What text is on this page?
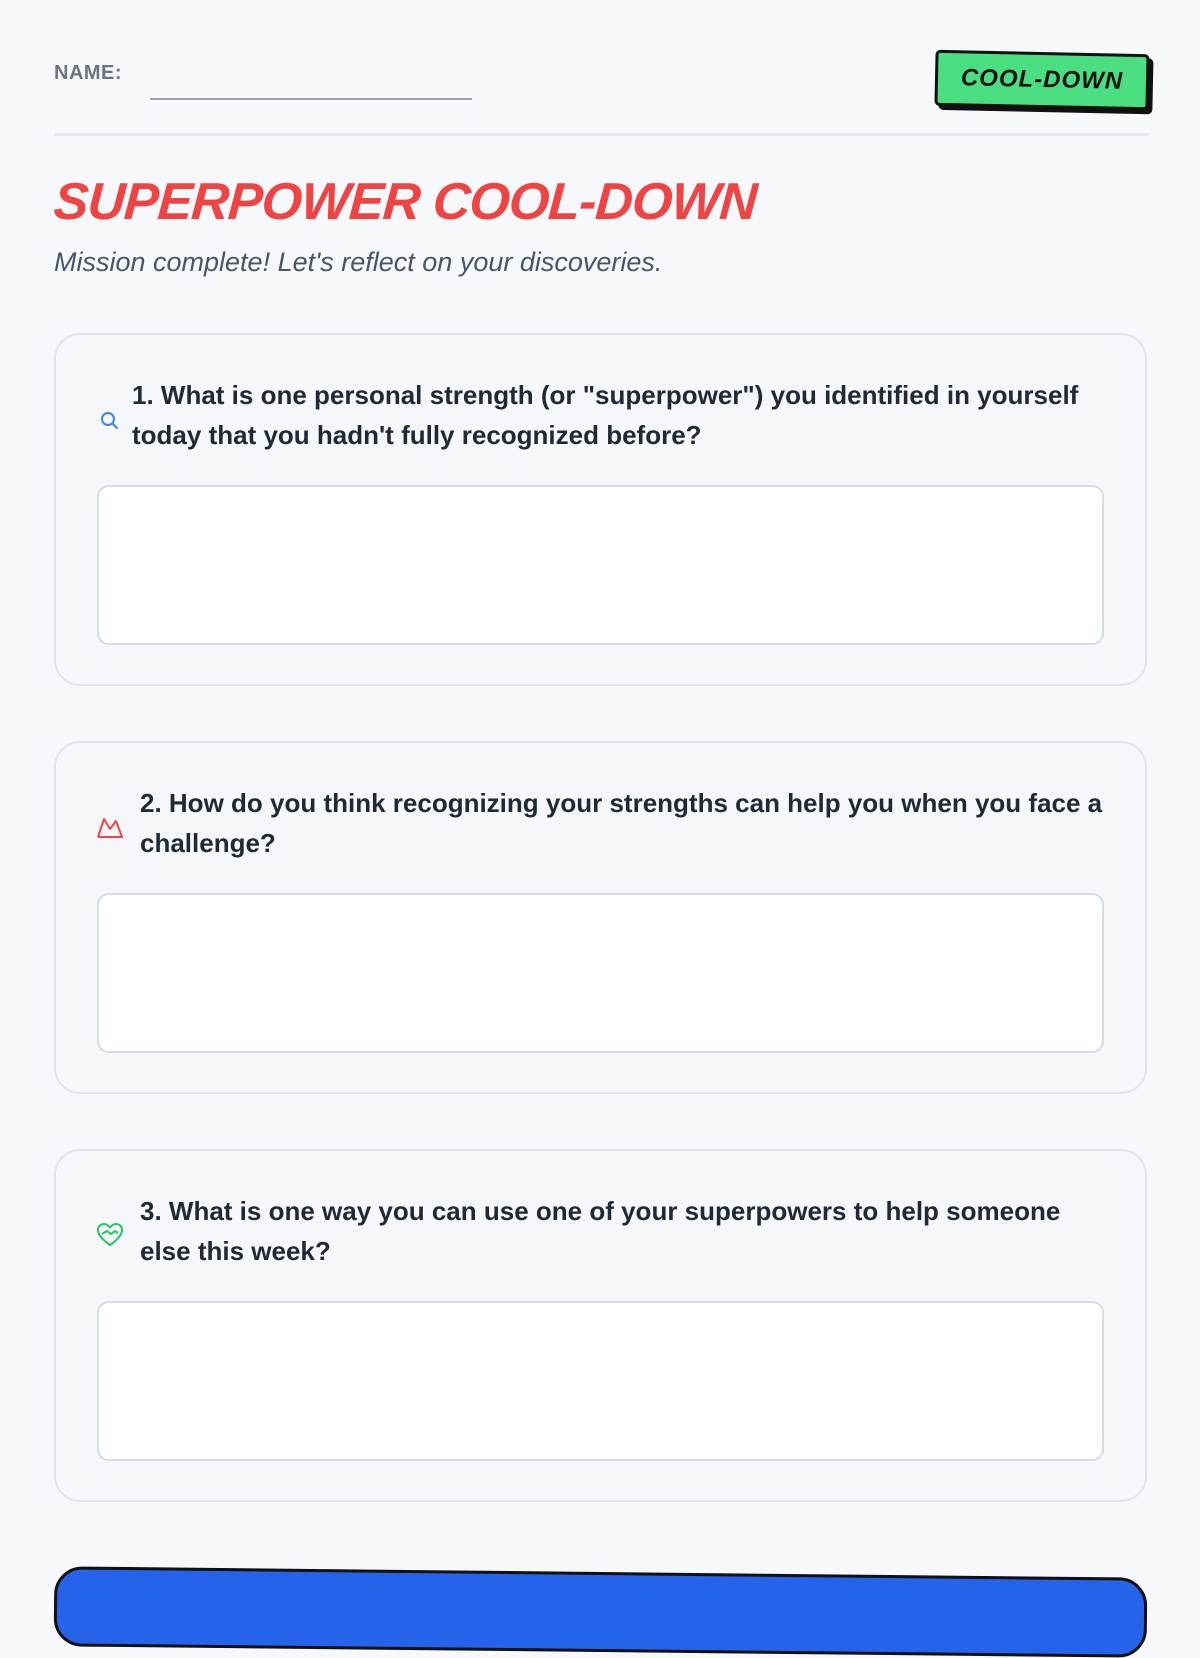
NAME:	COOL-DOWN
SUPERPOWER COOL-DOWN

Mission complete! Let's reflect on your discoveries.

1. What is one personal strength (or "superpower") you identified in yourself today that you hadn't fully recognized before?
2. How do you think recognizing your strengths can help you when you face a challenge?
3. What is one way you can use one of your superpowers to help someone else this week?
